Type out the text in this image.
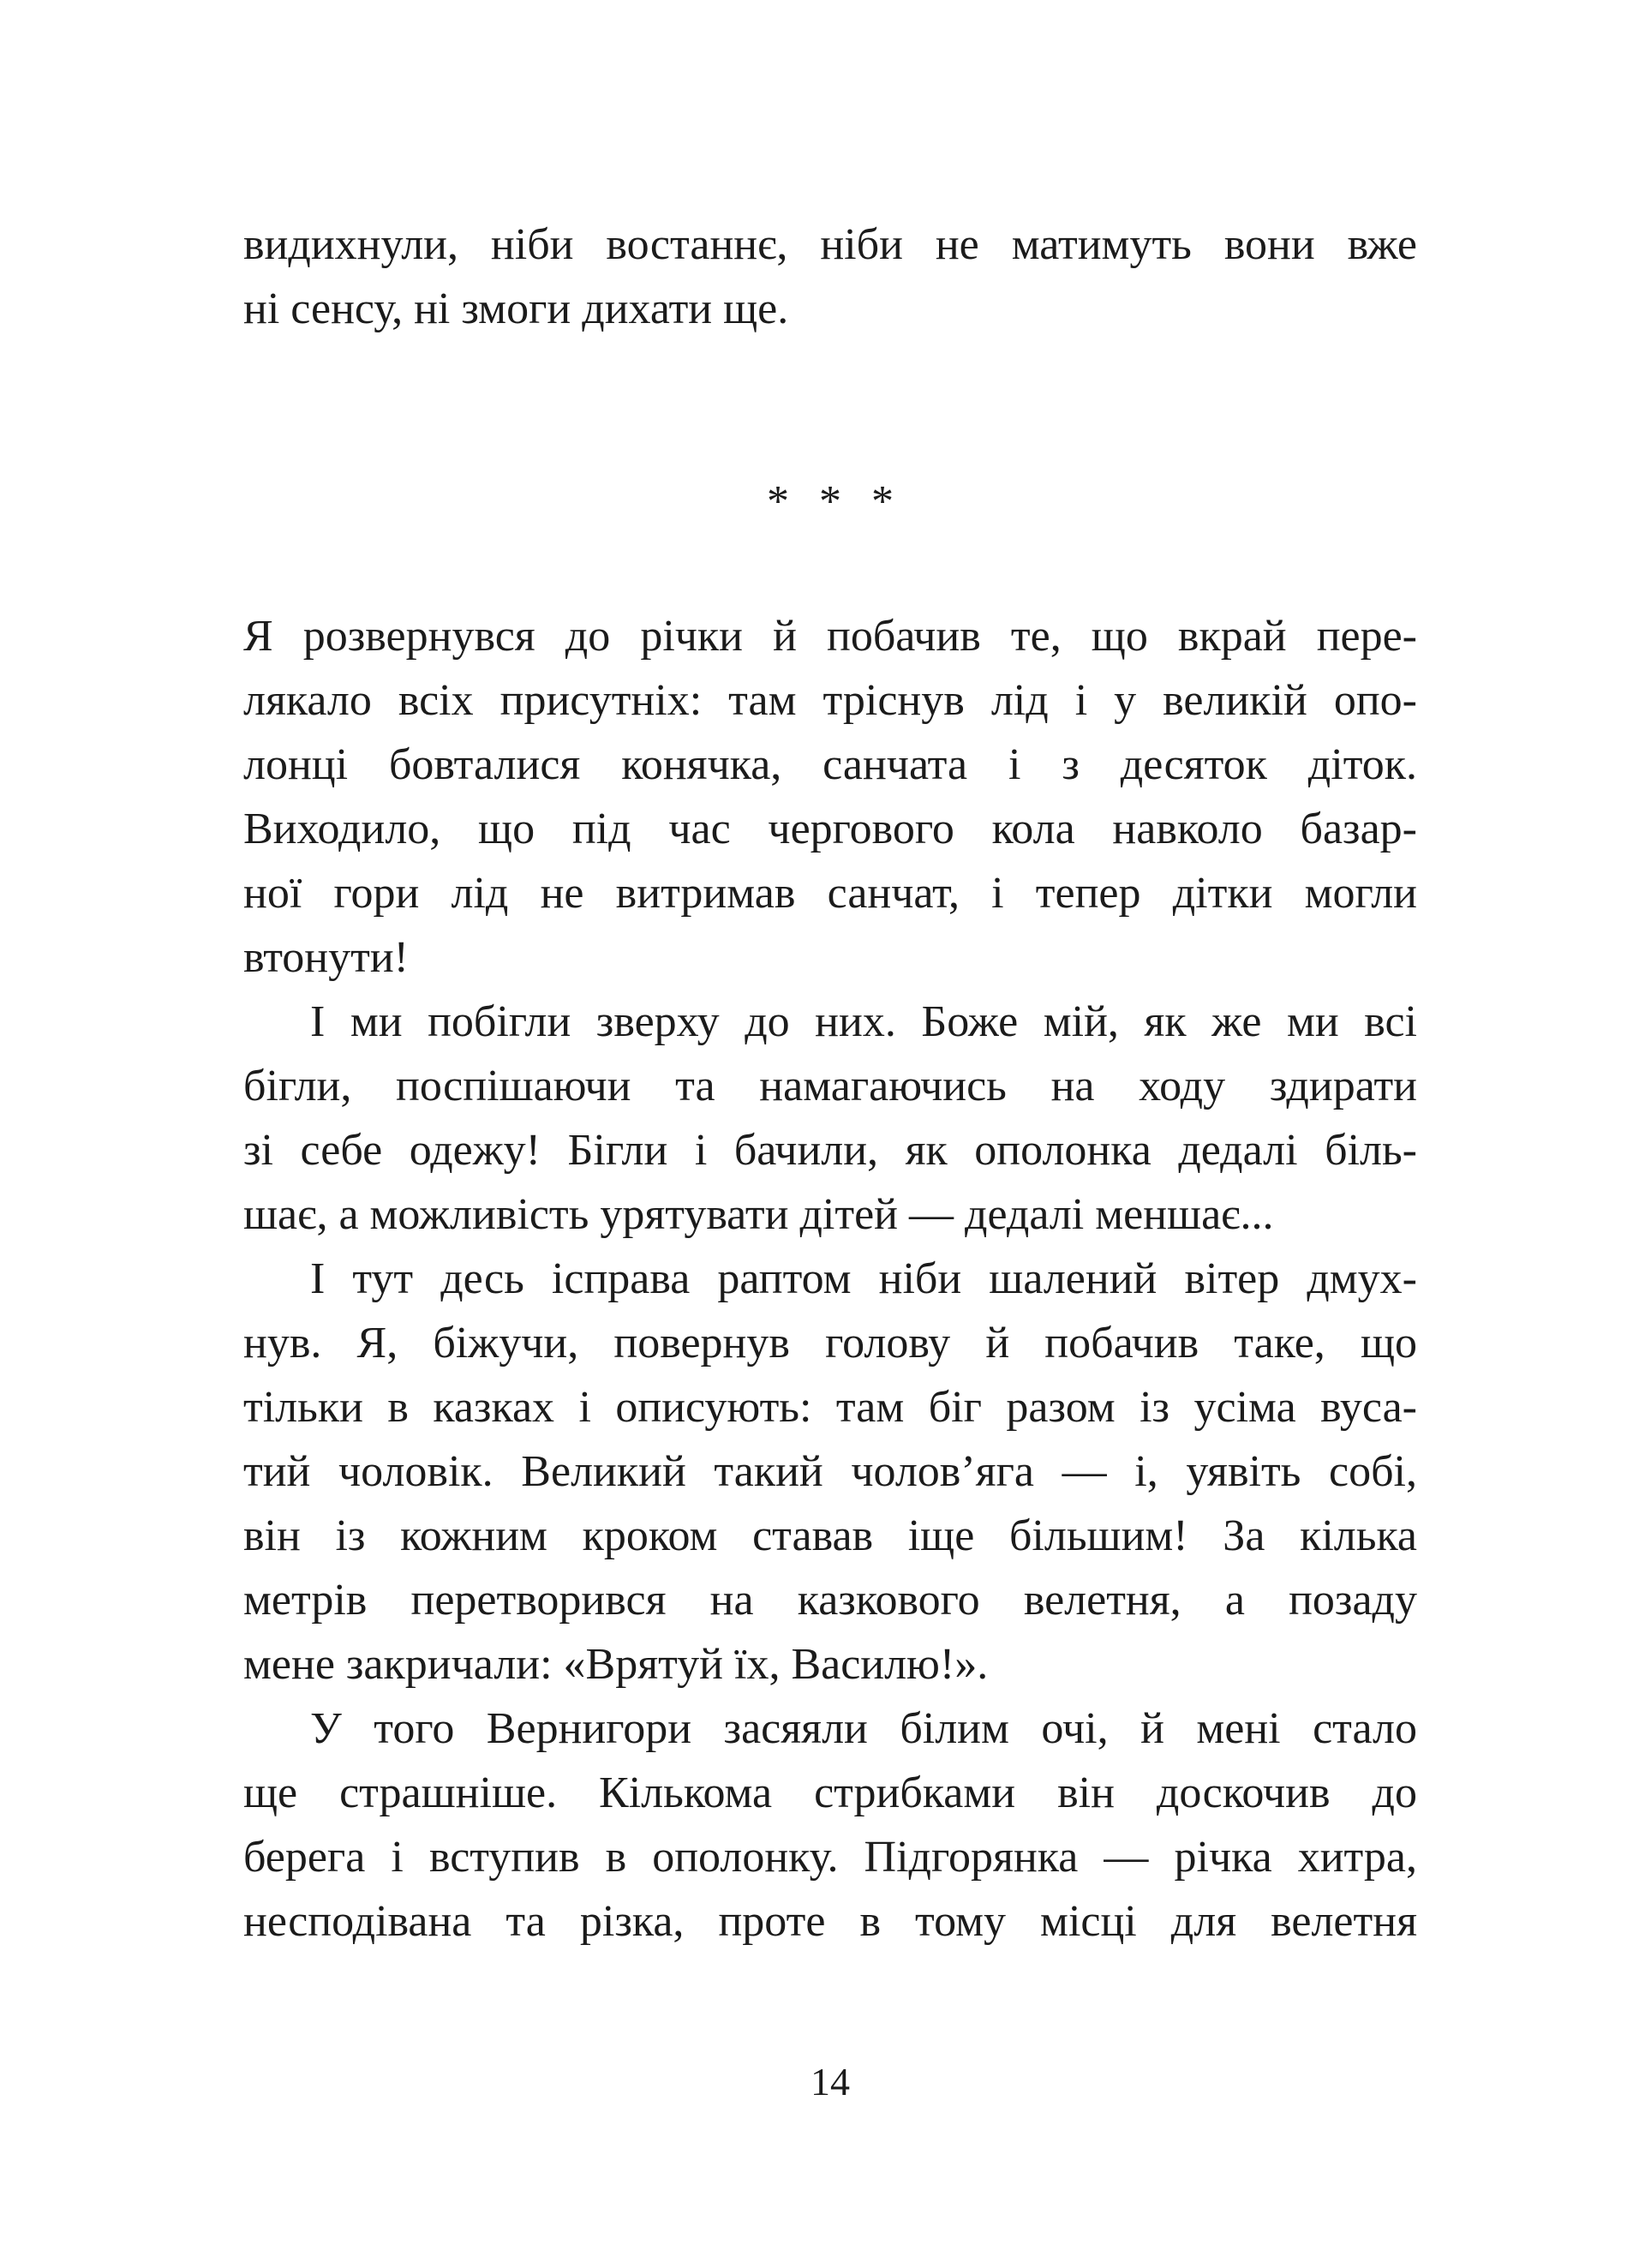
видихнули, ніби востаннє, ніби не матимуть вони вже
ні сенсу, ні змоги дихати ще.

* * *

Я розвернувся до річки й побачив те, що вкрай пере-
лякало всіх присутніх: там тріснув лід і у великій опо-
лонці бовталися конячка, санчата і з десяток діток.
Виходило, що під час чергового кола навколо базар-
ної гори лід не витримав санчат, і тепер дітки могли
втонути!

І ми побігли зверху до них. Боже мій, як же ми всі
бігли, поспішаючи та намагаючись на ходу здирати
зі себе одежу! Бігли і бачили, як ополонка дедалі біль-
шає, а можливість урятувати дітей — дедалі меншає...

І тут десь ісправа раптом ніби шалений вітер дмух-
нув. Я, біжучи, повернув голову й побачив таке, що
тільки в казках і описують: там біг разом із усіма вуса-
тий чоловік. Великий такий чолов’яга — і, уявіть собі,
він із кожним кроком ставав іще більшим! За кілька
метрів перетворився на казкового велетня, а позаду
мене закричали: «Врятуй їх, Василю!».

У того Вернигори засяяли білим очі, й мені стало
ще страшніше. Кількома стрибками він доскочив до
берега і вступив в ополонку. Підгорянка — річка хитра,
несподівана та різка, проте в тому місці для велетня

14
